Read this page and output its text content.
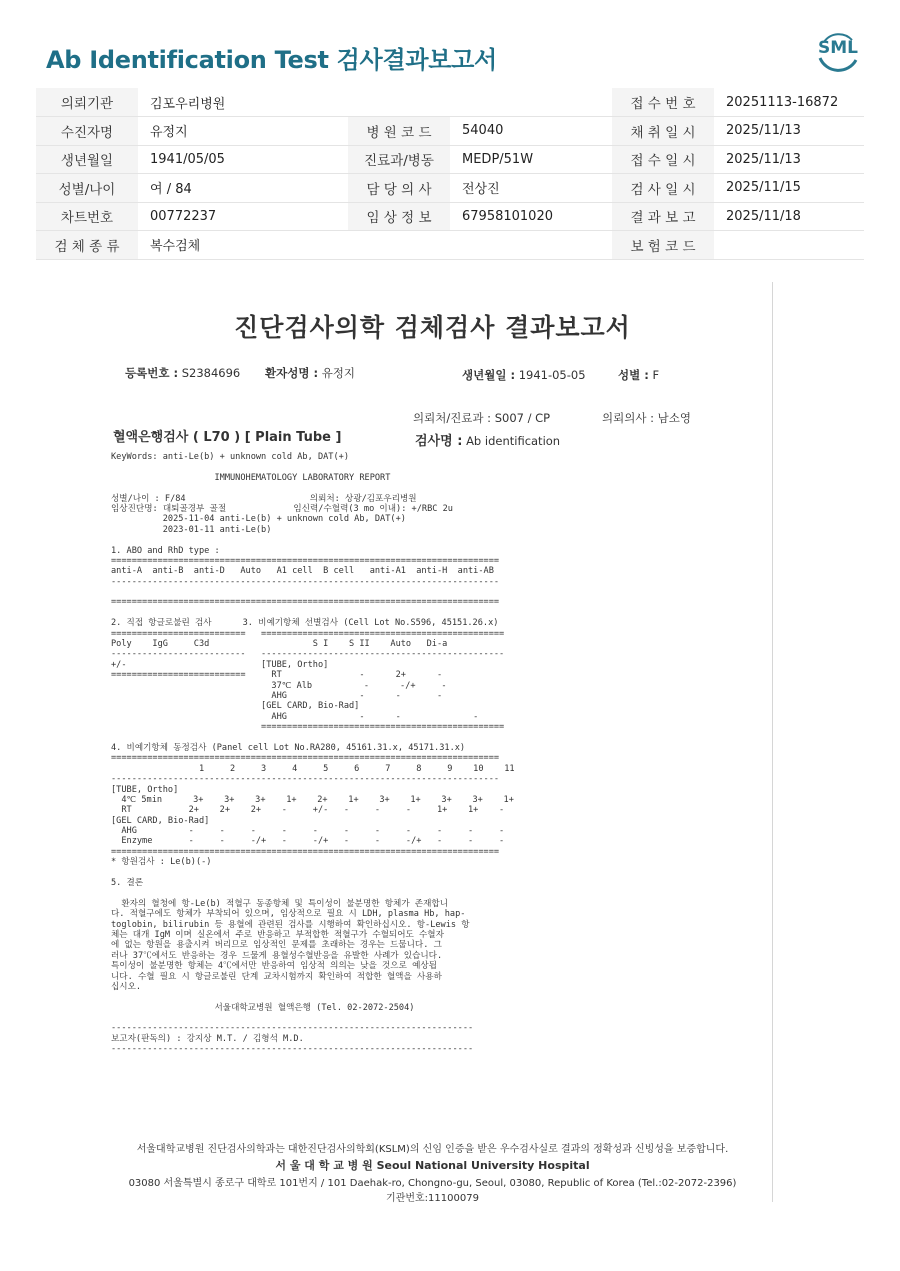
Ab Identification Test 검사결과보고서	SML
의뢰기관	김포우리병원			접 수 번 호	20251113-16872
수진자명	유정지	병 원 코 드	54040	채 취 일 시	2025/11/13
생년월일	1941/05/05	진료과/병동	MEDP/51W	접 수 일 시	2025/11/13
성별/나이	여 / 84	담 당 의 사	전상진	검 사 일 시	2025/11/15
차트번호	00772237	임 상 정 보	67958101020	결 과 보 고	2025/11/18
검 체 종 류	복수검체			보 험 코 드	
진단검사의학 검체검사 결과보고서
등록번호 : S2384696 환자성명 : 유정지	생년월일 : 1941-05-05	성별 : F
의뢰처/진료과 : S007 / CP	의뢰의사 : 남소영
혈액은행검사 ( L70 ) [ Plain Tube ]	검사명 : Ab identification
KeyWords: anti-Le(b) + unknown cold Ab, DAT(+)
IMMUNOHEMATOLOGY LABORATORY REPORT
성별/나이 : F/84                        의뢰처: 상광/김포우리병원
임상진단명: 대퇴골경부 골절             임신력/수혈력(3 mo 이내): +/RBC 2u
2025-11-04 anti-Le(b) + unknown cold Ab, DAT(+)
2023-01-11 anti-Le(b)
1. ABO and RhD type :
===========================================================================
anti-A  anti-B  anti-D   Auto   A1 cell  B cell   anti-A1  anti-H  anti-AB
---------------------------------------------------------------------------
===========================================================================
2. 직접 항글로불린 검사      3. 비예기항체 선별검사 (Cell Lot No.S596, 45151.26.x)
==========================   ===============================================
Poly    IgG     C3d                    S I    S II    Auto   Di-a
--------------------------   -----------------------------------------------
+/-                          [TUBE, Ortho]
==========================     RT               -      2+      -
37℃ Alb          -      -/+     -
AHG              -      -       -
[GEL CARD, Bio-Rad]
AHG              -      -              -
===============================================
4. 비예기항체 동정검사 (Panel cell Lot No.RA280, 45161.31.x, 45171.31.x)
===========================================================================
1     2     3     4     5     6     7     8     9    10    11
---------------------------------------------------------------------------
[TUBE, Ortho]
4℃ 5min      3+    3+    3+    1+    2+    1+    3+    1+    3+    3+    1+
RT           2+    2+    2+    -     +/-   -     -     -     1+    1+    -
[GEL CARD, Bio-Rad]
AHG          -     -     -     -     -     -     -     -     -     -     -
Enzyme       -     -     -/+   -     -/+   -     -     -/+   -     -     -
===========================================================================
* 항원검사 : Le(b)(-)
5. 결론
환자의 혈청에 항-Le(b) 적혈구 동종항체 및 특이성이 불분명한 항체가 존재합니
다. 적혈구에도 항체가 부착되어 있으며, 임상적으로 필요 시 LDH, plasma Hb, hap-
toglobin, bilirubin 등 용혈에 관련된 검사를 시행하여 확인하십시오. 항-Lewis 항
체는 대개 IgM 이며 실온에서 주로 반응하고 부적합한 적혈구가 수혈되어도 수혈자
에 없는 항원을 용출시켜 버리므로 임상적인 문제를 초래하는 경우는 드뭅니다. 그
러나 37℃에서도 반응하는 경우 드물게 용혈성수혈반응을 유발한 사례가 있습니다.
특이성이 불분명한 항체는 4℃에서만 반응하여 임상적 의의는 낮을 것으로 예상됩
니다. 수혈 필요 시 항글로불린 단계 교차시험까지 확인하여 적합한 혈액을 사용하
십시오.
서울대학교병원 혈액은행 (Tel. 02-2072-2504)
----------------------------------------------------------------------
보고자(판독의) : 강지상 M.T. / 김형석 M.D.
----------------------------------------------------------------------
서울대학교병원 진단검사의학과는 대한진단검사의학회(KSLM)의 신임 인증을 받은 우수검사실로 결과의 정확성과 신빙성을 보증합니다.
서 울 대 학 교 병 원 Seoul National University Hospital
03080 서울특별시 종로구 대학로 101번지 / 101 Daehak-ro, Chongno-gu, Seoul, 03080, Republic of Korea (Tel.:02-2072-2396)
기관번호:11100079
